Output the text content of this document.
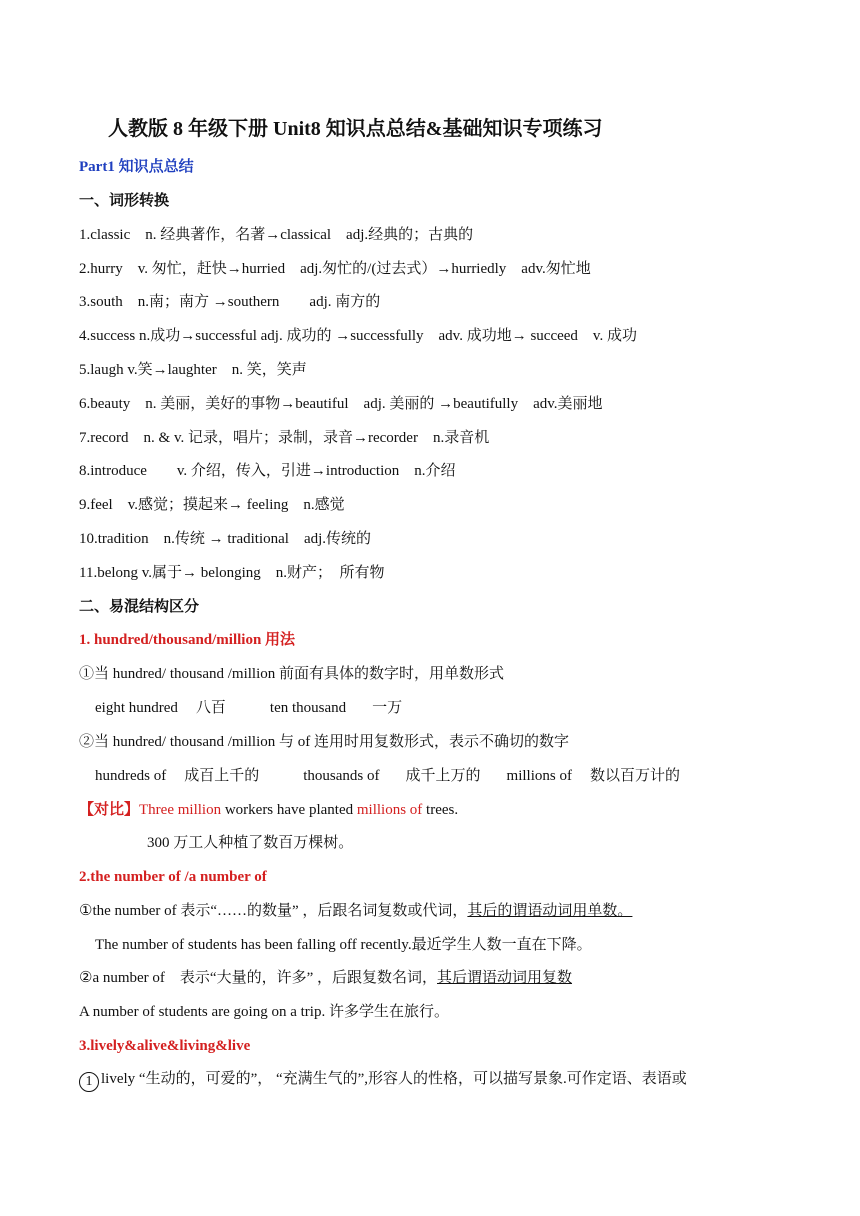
人教版 8 年级下册 Unit8 知识点总结&基础知识专项练习
Part1 知识点总结
一、词形转换
1.classic　n. 经典著作，名著→classical　adj.经典的；古典的
2.hurry　v. 匆忙，赶快→hurried　adj.匆忙的/(过去式）→hurriedly　adv.匆忙地
3.south　n.南；南方 →southern　　adj. 南方的
4.success n.成功→successful adj. 成功的 →successfully　adv. 成功地→ succeed　v. 成功
5.laugh v.笑→laughter　n. 笑，笑声
6.beauty　n. 美丽，美好的事物→beautiful　adj. 美丽的 →beautifully　adv.美丽地
7.record　n. & v. 记录，唱片；录制，录音→recorder　n.录音机
8.introduce　　v. 介绍，传入，引进→introduction　n.介绍
9.feel　v.感觉；摸起来→ feeling　n.感觉
10.tradition　n.传统 → traditional　adj.传统的
11.belong v.属于→ belonging　n.财产；　所有物
二、易混结构区分
1. hundred/thousand/million 用法
①当 hundred/ thousand /million 前面有具体的数字时，用单数形式
eight hundred 八百	ten thousand 一万
②当 hundred/ thousand /million 与 of 连用时用复数形式，表示不确切的数字
hundreds of 成百上千的	thousands of 成千上万的 millions of 数以百万计的
【对比】Three million workers have planted millions of trees.
300 万工人种植了数百万棵树。
2.the number of /a number of
①the number of 表示“……的数量” ，后跟名词复数或代词，其后的谓语动词用单数。
The number of students has been falling off recently.最近学生人数一直在下降。
②a number of　表示“大量的，许多” ，后跟复数名词，其后谓语动词用复数
A number of students are going on a trip. 许多学生在旅行。
3.lively&alive&living&live
1 lively “生动的，可爱的”， “充满生气的”,形容人的性格，可以描写景象.可作定语、表语或
